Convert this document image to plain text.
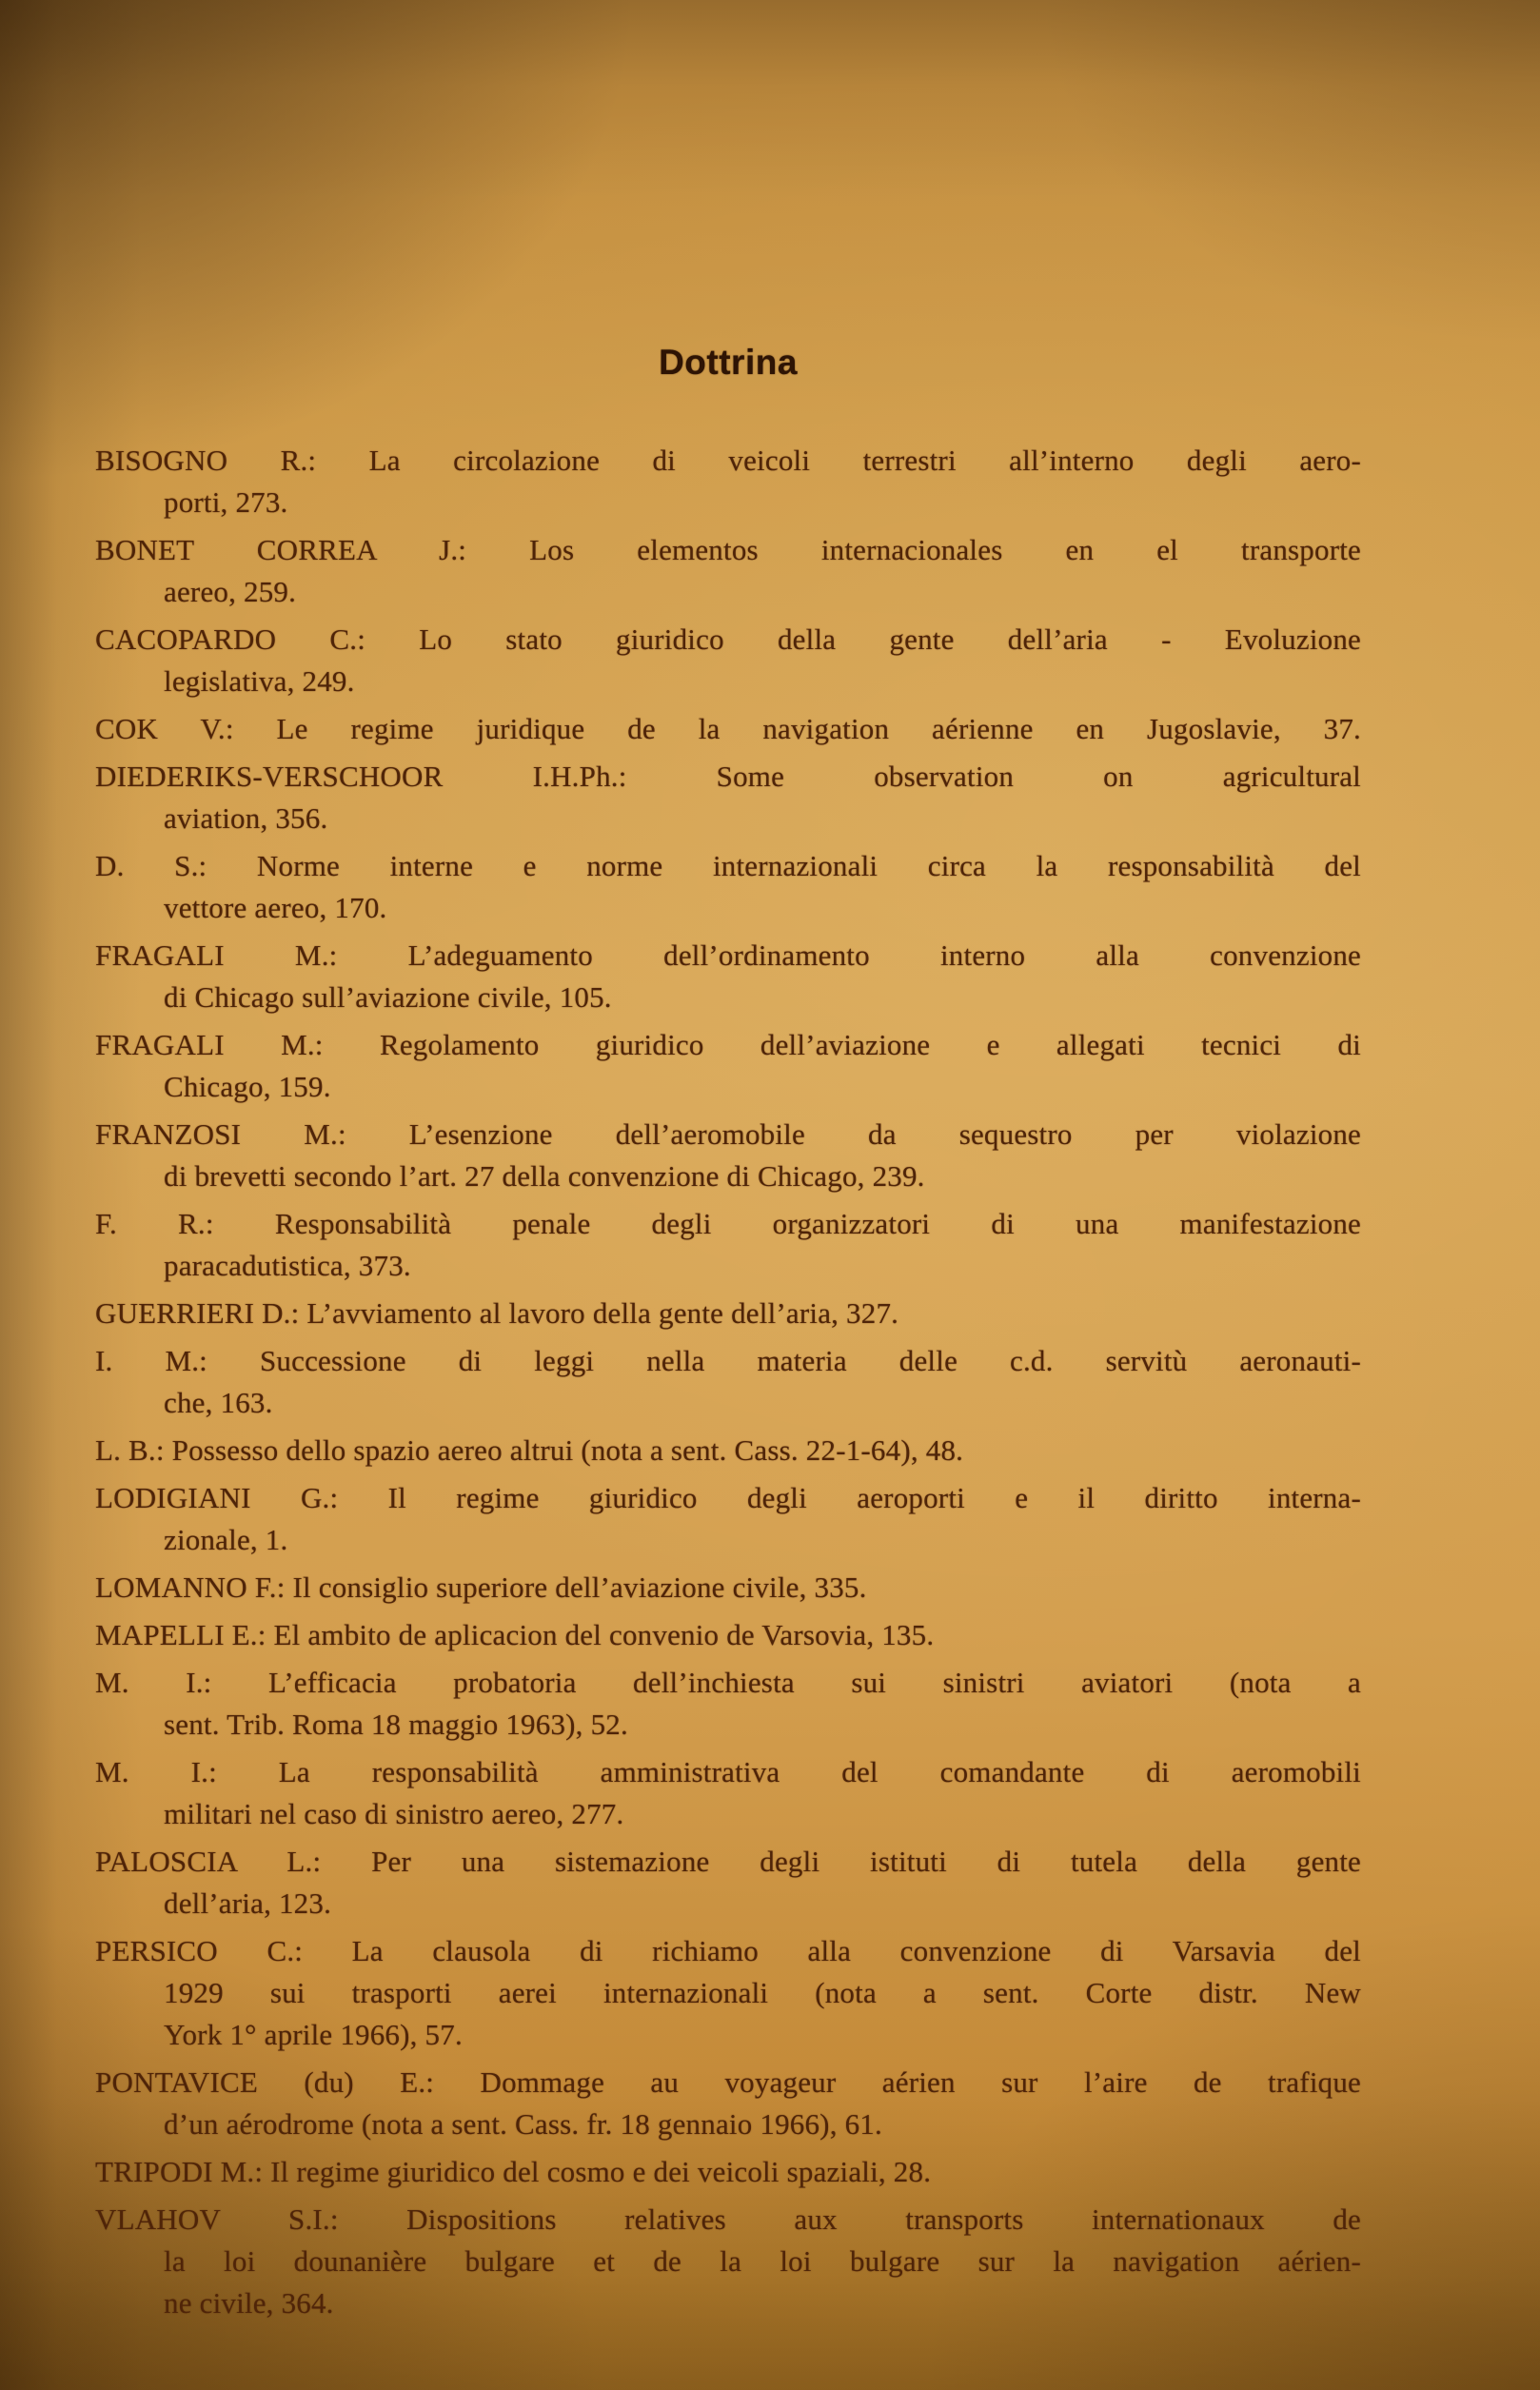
Dottrina
BISOGNO R.: La circolazione di veicoli terrestri all’interno degli aero-
porti, 273.
BONET CORREA J.: Los elementos internacionales en el transporte
aereo, 259.
CACOPARDO C.: Lo stato giuridico della gente dell’aria - Evoluzione
legislativa, 249.
COK V.: Le regime juridique de la navigation aérienne en Jugoslavie, 37.
DIEDERIKS-VERSCHOOR I.H.Ph.: Some observation on agricultural
aviation, 356.
D. S.: Norme interne e norme internazionali circa la responsabilità del
vettore aereo, 170.
FRAGALI M.: L’adeguamento dell’ordinamento interno alla convenzione
di Chicago sull’aviazione civile, 105.
FRAGALI M.: Regolamento giuridico dell’aviazione e allegati tecnici di
Chicago, 159.
FRANZOSI M.: L’esenzione dell’aeromobile da sequestro per violazione
di brevetti secondo l’art. 27 della convenzione di Chicago, 239.
F. R.: Responsabilità penale degli organizzatori di una manifestazione
paracadutistica, 373.
GUERRIERI D.: L’avviamento al lavoro della gente dell’aria, 327.
I. M.: Successione di leggi nella materia delle c.d. servitù aeronauti-
che, 163.
L. B.: Possesso dello spazio aereo altrui (nota a sent. Cass. 22-1-64), 48.
LODIGIANI G.: Il regime giuridico degli aeroporti e il diritto interna-
zionale, 1.
LOMANNO F.: Il consiglio superiore dell’aviazione civile, 335.
MAPELLI E.: El ambito de aplicacion del convenio de Varsovia, 135.
M. I.: L’efficacia probatoria dell’inchiesta sui sinistri aviatori (nota a
sent. Trib. Roma 18 maggio 1963), 52.
M. I.: La responsabilità amministrativa del comandante di aeromobili
militari nel caso di sinistro aereo, 277.
PALOSCIA L.: Per una sistemazione degli istituti di tutela della gente
dell’aria, 123.
PERSICO C.: La clausola di richiamo alla convenzione di Varsavia del
1929 sui trasporti aerei internazionali (nota a sent. Corte distr. New
York 1° aprile 1966), 57.
PONTAVICE (du) E.: Dommage au voyageur aérien sur l’aire de trafique
d’un aérodrome (nota a sent. Cass. fr. 18 gennaio 1966), 61.
TRIPODI M.: Il regime giuridico del cosmo e dei veicoli spaziali, 28.
VLAHOV S.I.: Dispositions relatives aux transports internationaux de
la loi dounanière bulgare et de la loi bulgare sur la navigation aérien-
ne civile, 364.
